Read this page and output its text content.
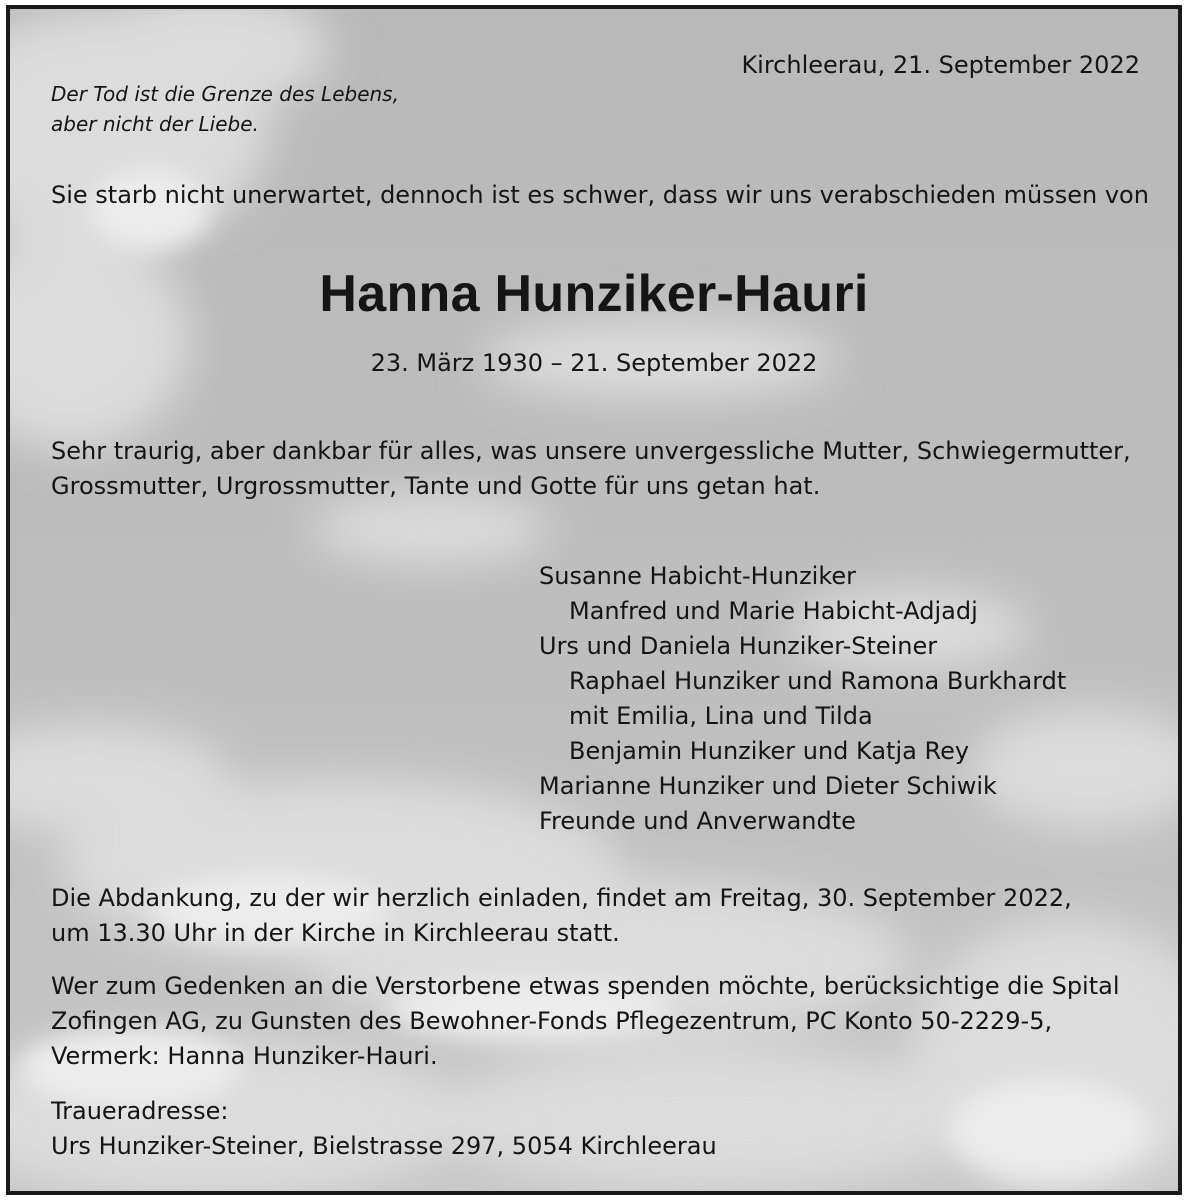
Der Tod ist die Grenze des Lebens,
aber nicht der Liebe.

Kirchleerau, 21. September 2022

Sie starb nicht unerwartet, dennoch ist es schwer, dass wir uns verabschieden müssen von

Hanna Hunziker-Hauri

23. März 1930 – 21. September 2022

Sehr traurig, aber dankbar für alles, was unsere unvergessliche Mutter, Schwiegermutter,
Grossmutter, Urgrossmutter, Tante und Gotte für uns getan hat.

Susanne Habicht-Hunziker
Manfred und Marie Habicht-Adjadj
Urs und Daniela Hunziker-Steiner
Raphael Hunziker und Ramona Burkhardt
mit Emilia, Lina und Tilda
Benjamin Hunziker und Katja Rey
Marianne Hunziker und Dieter Schiwik
Freunde und Anverwandte

Die Abdankung, zu der wir herzlich einladen, findet am Freitag, 30. September 2022,
um 13.30 Uhr in der Kirche in Kirchleerau statt.

Wer zum Gedenken an die Verstorbene etwas spenden möchte, berücksichtige die Spital
Zofingen AG, zu Gunsten des Bewohner-Fonds Pflegezentrum, PC Konto 50-2229-5,
Vermerk: Hanna Hunziker-Hauri.

Traueradresse:
Urs Hunziker-Steiner, Bielstrasse 297, 5054 Kirchleerau
